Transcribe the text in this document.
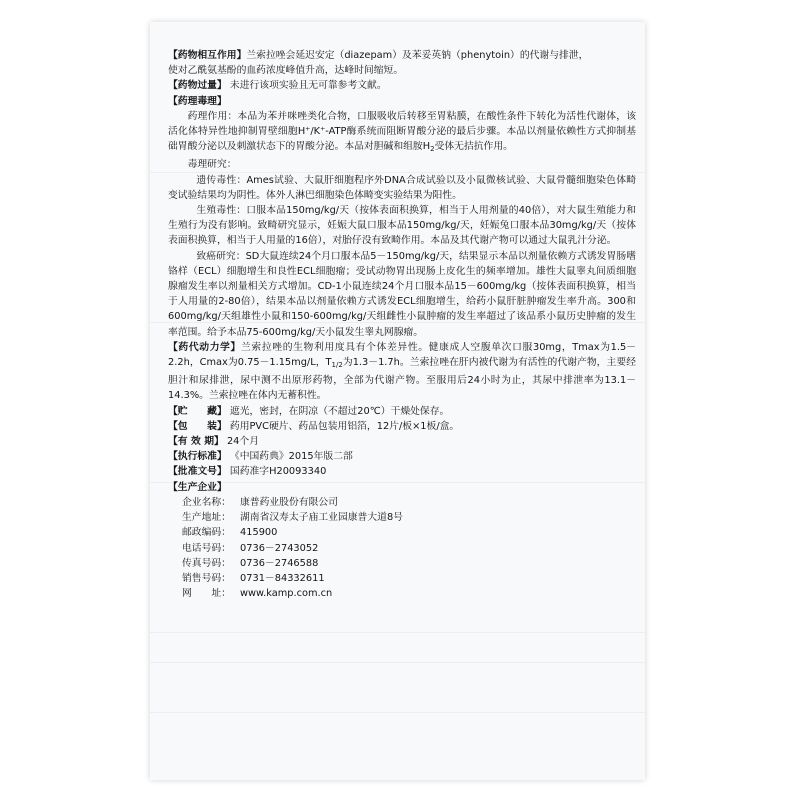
【药物相互作用】兰索拉唑会延迟安定（diazepam）及苯妥英钠（phenytoin）的代谢与排泄，
使对乙酰氨基酚的血药浓度峰值升高，达峰时间缩短。
【药物过量】 未进行该项实验且无可靠参考文献。
【药理毒理】

药理作用：本品为苯并咪唑类化合物，口服吸收后转移至胃粘膜，在酸性条件下转化为活性代谢体，该活化体特异性地抑制胃壁细胞H⁺/K⁺-ATP酶系统而阻断胃酸分泌的最后步骤。本品以剂量依赖性方式抑制基础胃酸分泌以及刺激状态下的胃酸分泌。本品对胆碱和组胺$H_2$受体无拮抗作用。

毒理研究：

遗传毒性：Ames试验、大鼠肝细胞程序外DNA合成试验以及小鼠微核试验、大鼠骨髓细胞染色体畸变试验结果均为阴性。体外人淋巴细胞染色体畸变实验结果为阳性。

生殖毒性：口服本品150mg/kg/天（按体表面积换算，相当于人用剂量的40倍），对大鼠生殖能力和生殖行为没有影响。致畸研究显示，妊娠大鼠口服本品150mg/kg/天，妊娠兔口服本品30mg/kg/天（按体表面积换算，相当于人用量的16倍），对胎仔没有致畸作用。本品及其代谢产物可以通过大鼠乳汁分泌。

致癌研究：SD大鼠连续24个月口服本品5－150mg/kg/天，结果显示本品以剂量依赖方式诱发胃肠嗜铬样（ECL）细胞增生和良性ECL细胞瘤；受试动物胃出现肠上皮化生的频率增加。雄性大鼠睾丸间质细胞腺瘤发生率以剂量相关方式增加。CD-1小鼠连续24个月口服本品15－600mg/kg（按体表面积换算，相当于人用量的2-80倍），结果本品以剂量依赖方式诱发ECL细胞增生，给药小鼠肝脏肿瘤发生率升高。300和600mg/kg/天组雄性小鼠和150-600mg/kg/天组雌性小鼠肿瘤的发生率超过了该品系小鼠历史肿瘤的发生率范围。给予本品75-600mg/kg/天小鼠发生睾丸网腺瘤。

【药代动力学】兰索拉唑的生物利用度具有个体差异性。健康成人空腹单次口服30mg，Tmax为1.5－2.2h，Cmax为0.75－1.15mg/L，$T_{1/2}$为1.3－1.7h。兰索拉唑在肝内被代谢为有活性的代谢产物，主要经胆汁和尿排泄，尿中测不出原形药物，全部为代谢产物。至服用后24小时为止，其尿中排泄率为13.1－14.3%。兰索拉唑在体内无蓄积性。

【贮　　藏】 遮光，密封，在阴凉（不超过20℃）干燥处保存。
【包　　装】 药用PVC硬片、药品包装用铝箔，12片/板×1板/盒。
【有 效 期】 24个月
【执行标准】 《中国药典》2015年版二部
【批准文号】 国药准字H20093340
【生产企业】
企业名称： 康普药业股份有限公司
生产地址： 湖南省汉寿太子庙工业园康普大道8号
邮政编码： 415900
电话号码： 0736－2743052
传真号码： 0736－2746588
销售号码： 0731－84332611
网　　址： www.kamp.com.cn
